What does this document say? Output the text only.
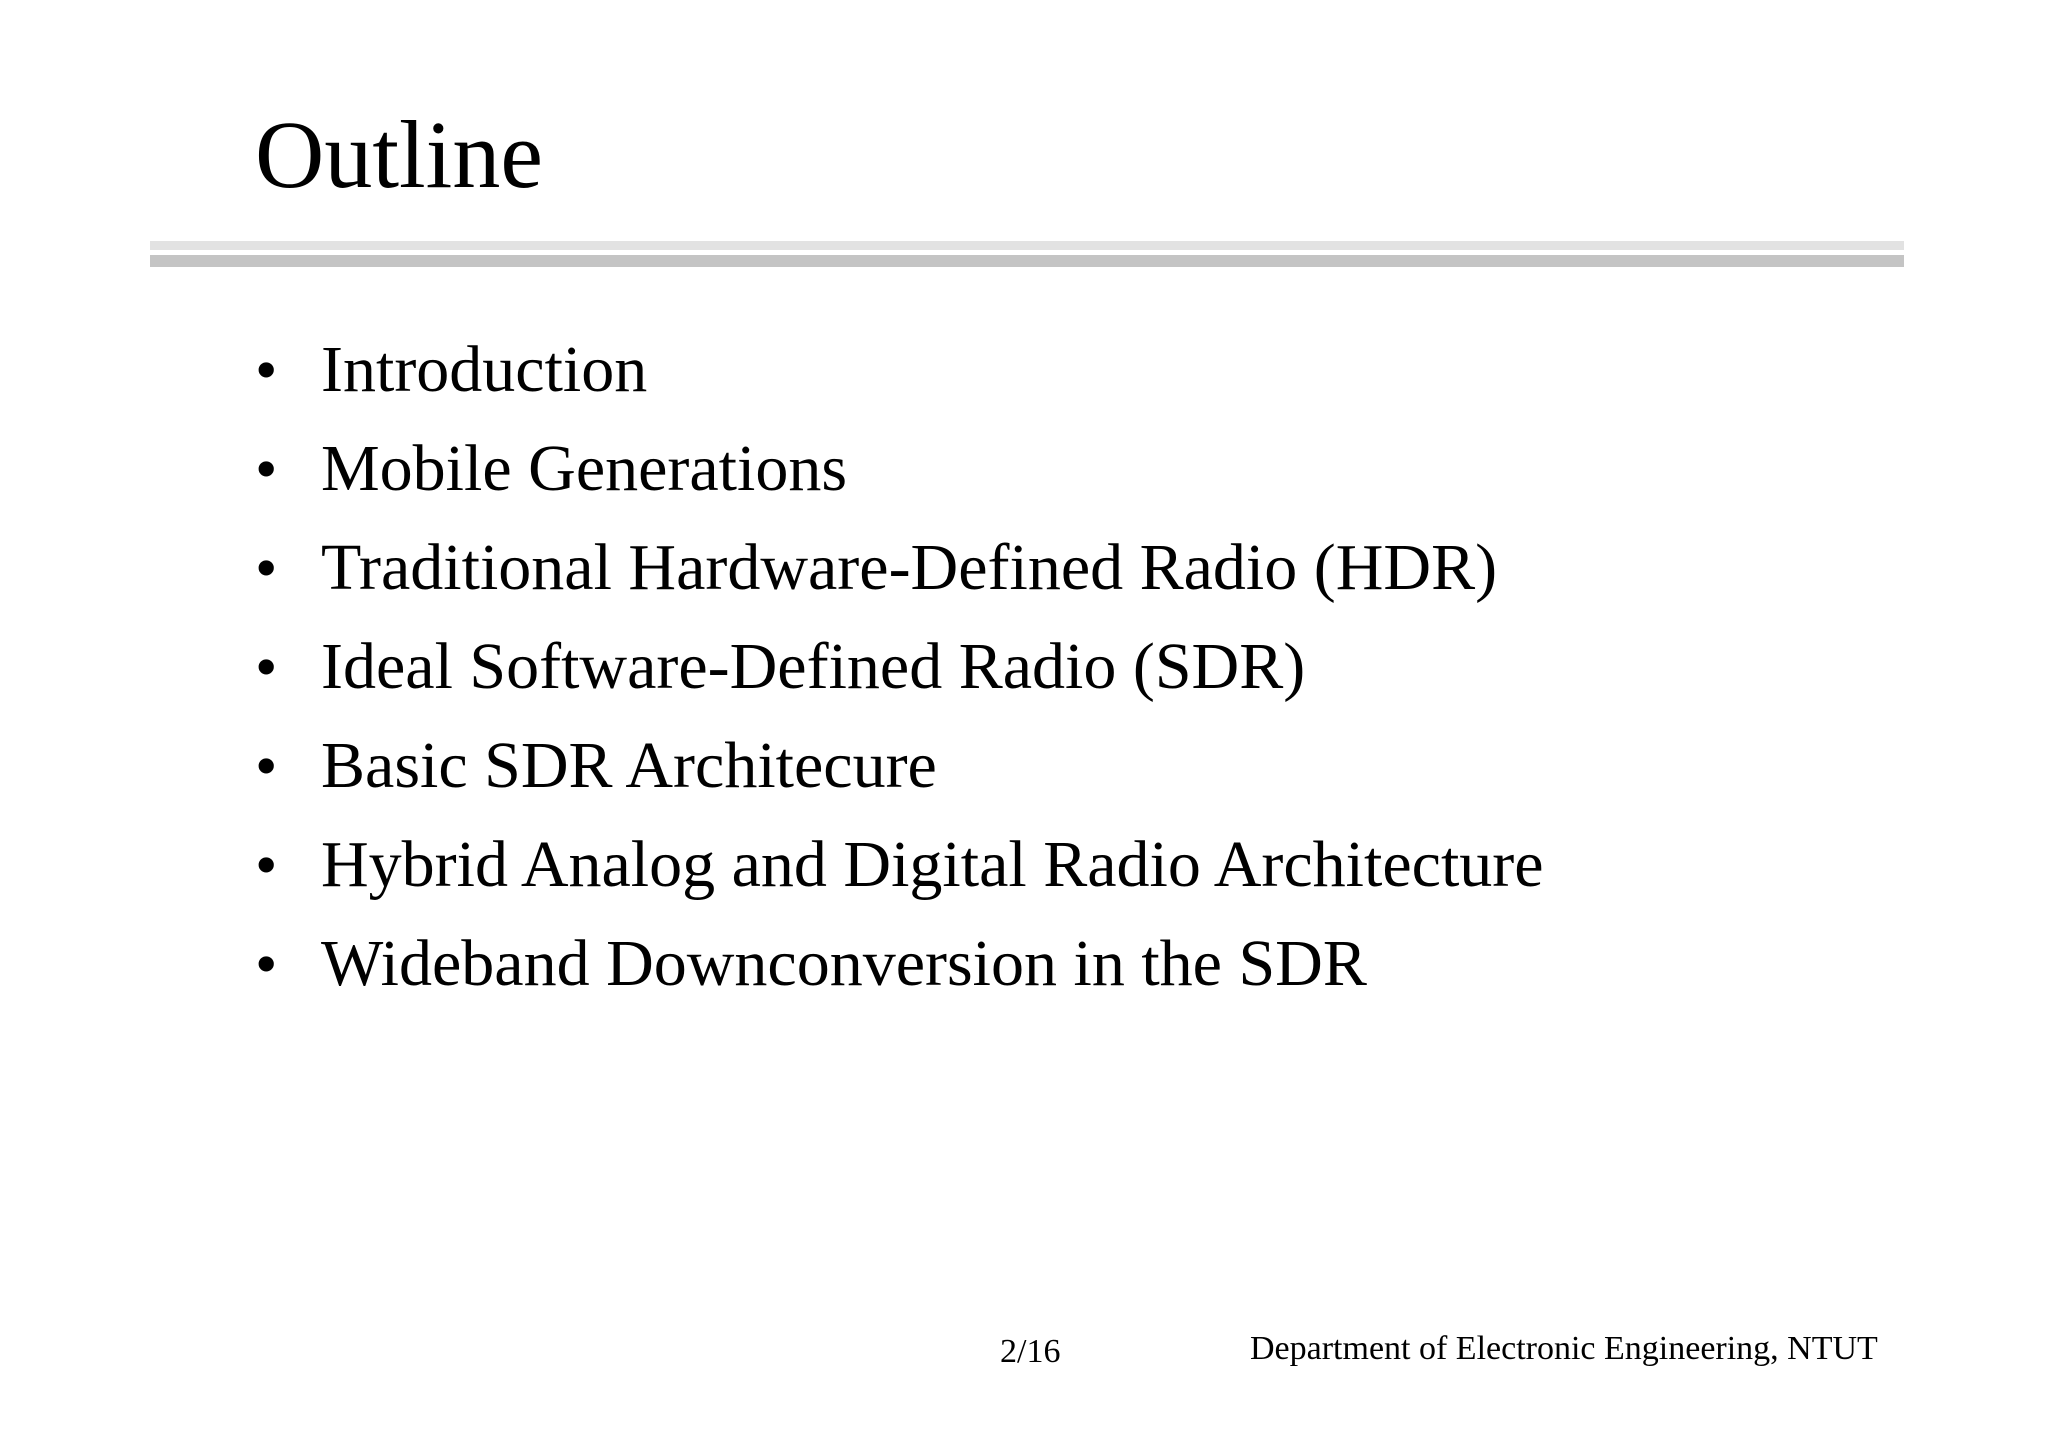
Outline
• Introduction
• Mobile Generations
• Traditional Hardware-Defined Radio (HDR)
• Ideal Software-Defined Radio (SDR)
• Basic SDR Architecure
• Hybrid Analog and Digital Radio Architecture
• Wideband Downconversion in the SDR
2/16	Department of Electronic Engineering, NTUT
